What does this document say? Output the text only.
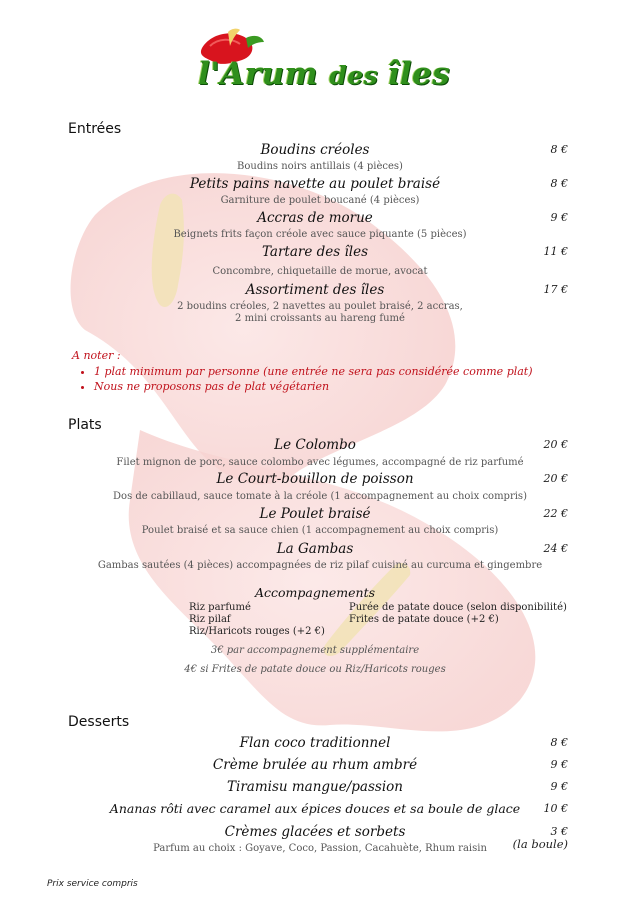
l'Arum des îles
Entrées
Boudins créoles	8 €
Boudins noirs antillais (4 pièces)
Petits pains navette au poulet braisé	8 €
Garniture de poulet boucané (4 pièces)
Accras de morue	9 €
Beignets frits façon créole avec sauce piquante (5 pièces)
Tartare des îles	11 €
Concombre, chiquetaille de morue, avocat
Assortiment des îles	17 €
2 boudins créoles, 2 navettes au poulet braisé, 2 accras,
2 mini croissants au hareng fumé
A noter :
• 1 plat minimum par personne (une entrée ne sera pas considérée comme plat)
• Nous ne proposons pas de plat végétarien
Plats
Le Colombo	20 €
Filet mignon de porc, sauce colombo avec légumes, accompagné de riz parfumé
Le Court-bouillon de poisson	20 €
Dos de cabillaud, sauce tomate à la créole (1 accompagnement au choix compris)
Le Poulet braisé	22 €
Poulet braisé et sa sauce chien (1 accompagnement au choix compris)
La Gambas	24 €
Gambas sautées (4 pièces) accompagnées de riz pilaf cuisiné au curcuma et gingembre
Accompagnements
Riz parfumé
Riz pilaf
Riz/Haricots rouges (+2 €)
Purée de patate douce (selon disponibilité)
Frites de patate douce (+2 €)
3€ par accompagnement supplémentaire
4€ si Frites de patate douce ou Riz/Haricots rouges
Desserts
Flan coco traditionnel	8 €
Crème brulée au rhum ambré	9 €
Tiramisu mangue/passion	9 €
Ananas rôti avec caramel aux épices douces et sa boule de glace	10 €
Crèmes glacées et sorbets	3 €
(la boule)
Parfum au choix : Goyave, Coco, Passion, Cacahuète, Rhum raisin
Prix service compris
